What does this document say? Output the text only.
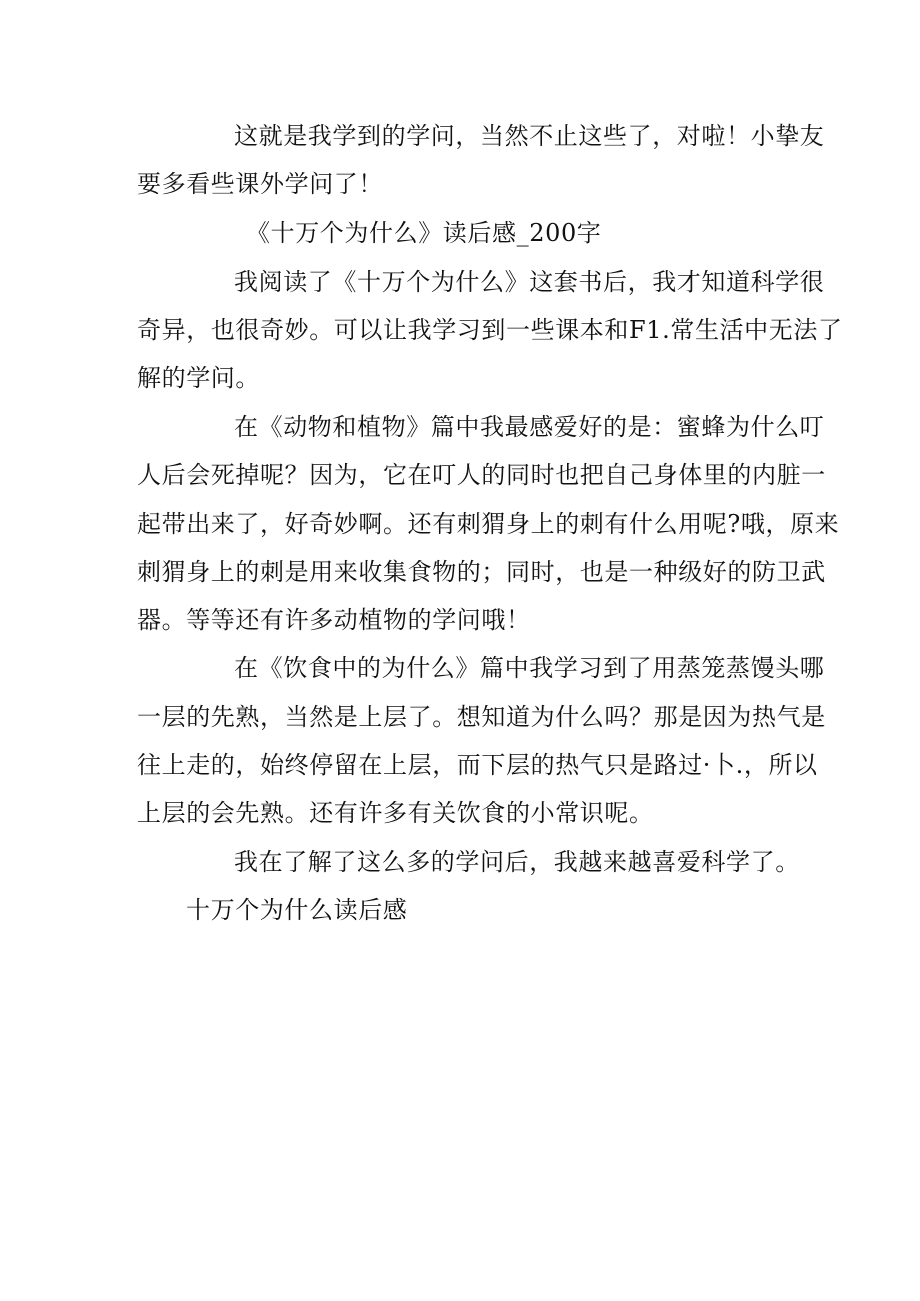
这就是我学到的学问，当然不止这些了，对啦！小挚友
要多看些课外学问了！
《十万个为什么》读后感_200字
我阅读了《十万个为什么》这套书后，我才知道科学很
奇异，也很奇妙。可以让我学习到一些课本和F1.常生活中无法了
解的学问。
在《动物和植物》篇中我最感爱好的是：蜜蜂为什么叮
人后会死掉呢？因为，它在叮人的同时也把自己身体里的内脏一
起带出来了，好奇妙啊。还有刺猬身上的刺有什么用呢?哦，原来
刺猬身上的刺是用来收集食物的；同时，也是一种级好的防卫武
器。等等还有许多动植物的学问哦！
在《饮食中的为什么》篇中我学习到了用蒸笼蒸馒头哪
一层的先熟，当然是上层了。想知道为什么吗？那是因为热气是
往上走的，始终停留在上层，而下层的热气只是路过·卜.，所以
上层的会先熟。还有许多有关饮食的小常识呢。
我在了解了这么多的学问后，我越来越喜爱科学了。
十万个为什么读后感
